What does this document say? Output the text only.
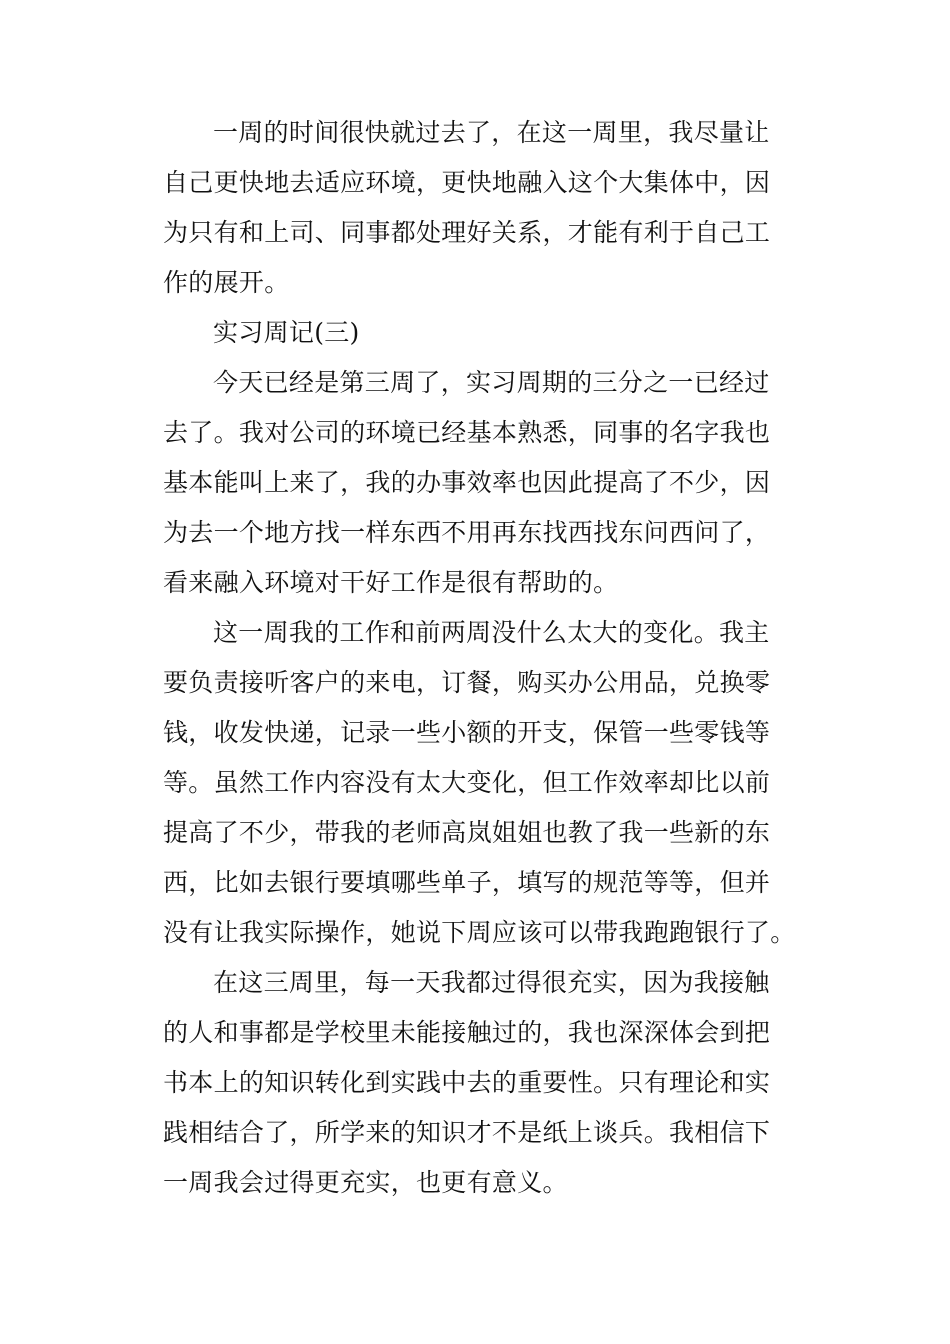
一周的时间很快就过去了，在这一周里，我尽量让
自己更快地去适应环境，更快地融入这个大集体中，因
为只有和上司、同事都处理好关系，才能有利于自己工
作的展开。
实习周记(三)
今天已经是第三周了，实习周期的三分之一已经过
去了。我对公司的环境已经基本熟悉，同事的名字我也
基本能叫上来了，我的办事效率也因此提高了不少，因
为去一个地方找一样东西不用再东找西找东问西问了，
看来融入环境对干好工作是很有帮助的。
这一周我的工作和前两周没什么太大的变化。我主
要负责接听客户的来电，订餐，购买办公用品，兑换零
钱，收发快递，记录一些小额的开支，保管一些零钱等
等。虽然工作内容没有太大变化，但工作效率却比以前
提高了不少，带我的老师高岚姐姐也教了我一些新的东
西，比如去银行要填哪些单子，填写的规范等等，但并
没有让我实际操作，她说下周应该可以带我跑跑银行了。
在这三周里，每一天我都过得很充实，因为我接触
的人和事都是学校里未能接触过的，我也深深体会到把
书本上的知识转化到实践中去的重要性。只有理论和实
践相结合了，所学来的知识才不是纸上谈兵。我相信下
一周我会过得更充实，也更有意义。
